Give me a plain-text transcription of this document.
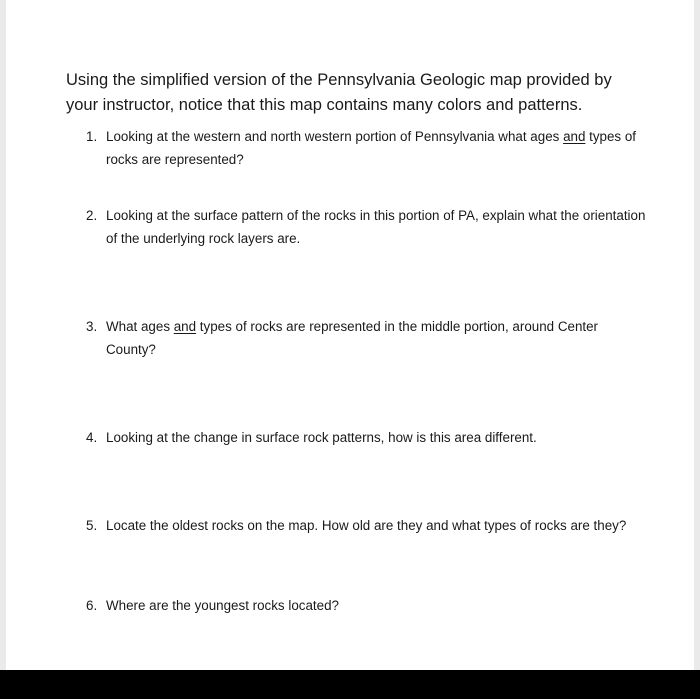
Using the simplified version of the Pennsylvania Geologic map provided by your instructor, notice that this map contains many colors and patterns.

1. Looking at the western and north western portion of Pennsylvania what ages and types of rocks are represented?
2. Looking at the surface pattern of the rocks in this portion of PA, explain what the orientation of the underlying rock layers are.
3. What ages and types of rocks are represented in the middle portion, around Center County?
4. Looking at the change in surface rock patterns, how is this area different.
5. Locate the oldest rocks on the map. How old are they and what types of rocks are they?
6. Where are the youngest rocks located?
